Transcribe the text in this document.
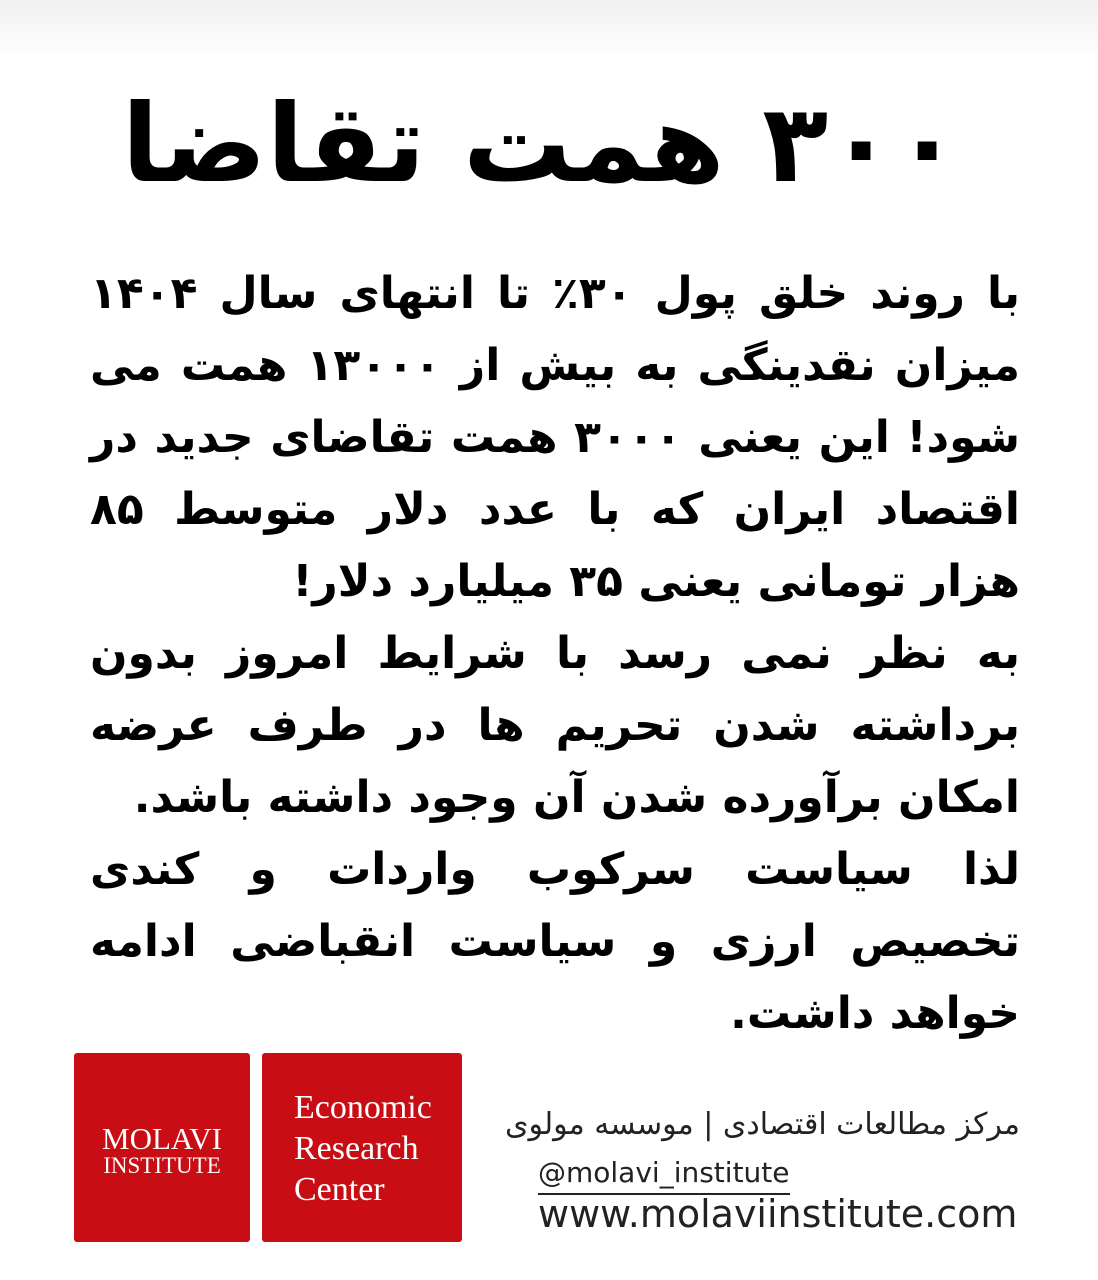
۳۰۰ همت تقاضا

با روند خلق پول ۳۰٪ تا انتهای سال ۱۴۰۴ میزان نقدینگی به بیش از ۱۳۰۰۰ همت می شود! این یعنی ۳۰۰۰ همت تقاضای جدید در اقتصاد ایران که با عدد دلار متوسط ۸۵ هزار تومانی یعنی ۳۵ میلیارد دلار!

به نظر نمی رسد با شرایط امروز بدون برداشته شدن تحریم ها در طرف عرضه امکان برآورده شدن آن وجود داشته باشد.

لذا سیاست سرکوب واردات و کندی تخصیص ارزی و سیاست انقباضی ادامه خواهد داشت.

MOLAVI
INSTITUTE
Economic
Research
Center
مرکز مطالعات اقتصادی | موسسه مولوی
@molavi_institute
www.molaviinstitute.com
